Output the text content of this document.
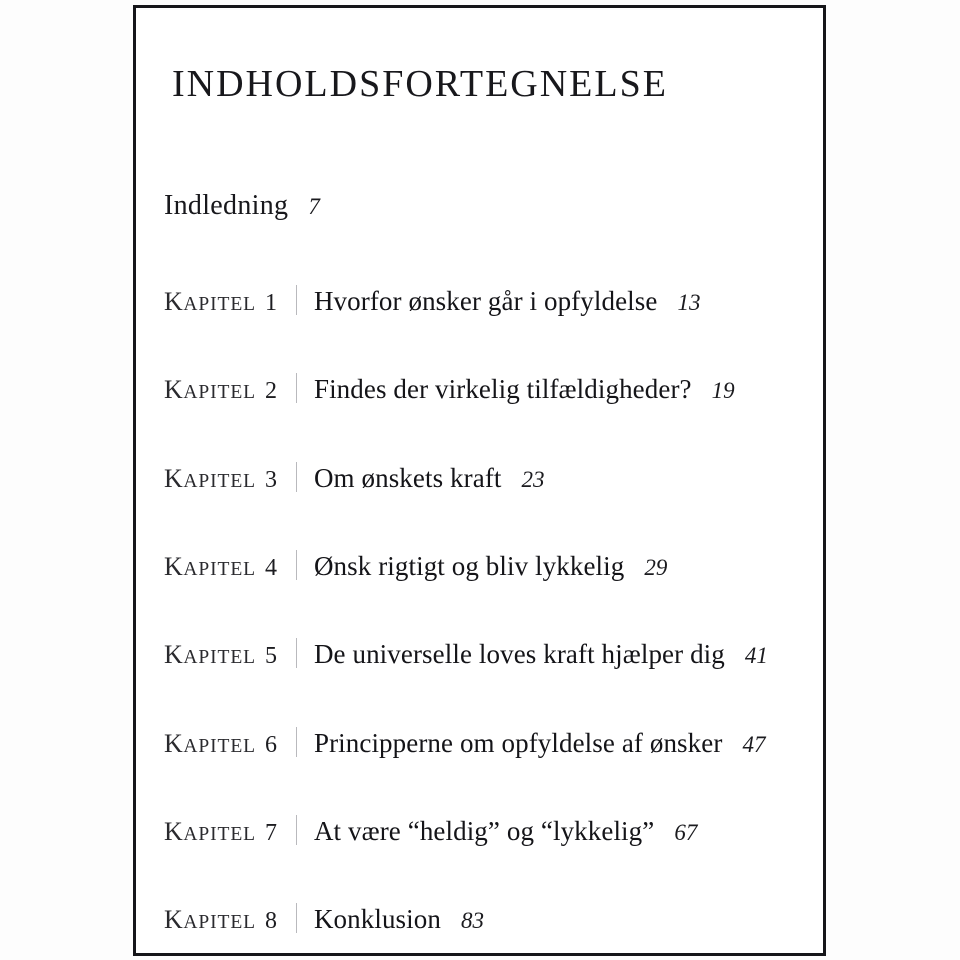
INDHOLDSFORTEGNELSE
Indledning 7
KAPITEL 1 Hvorfor ønsker går i opfyldelse 13
KAPITEL 2 Findes der virkelig tilfældigheder? 19
KAPITEL 3 Om ønskets kraft 23
KAPITEL 4 Ønsk rigtigt og bliv lykkelig 29
KAPITEL 5 De universelle loves kraft hjælper dig 41
KAPITEL 6 Principperne om opfyldelse af ønsker 47
KAPITEL 7 At være “heldig” og “lykkelig” 67
KAPITEL 8 Konklusion 83
